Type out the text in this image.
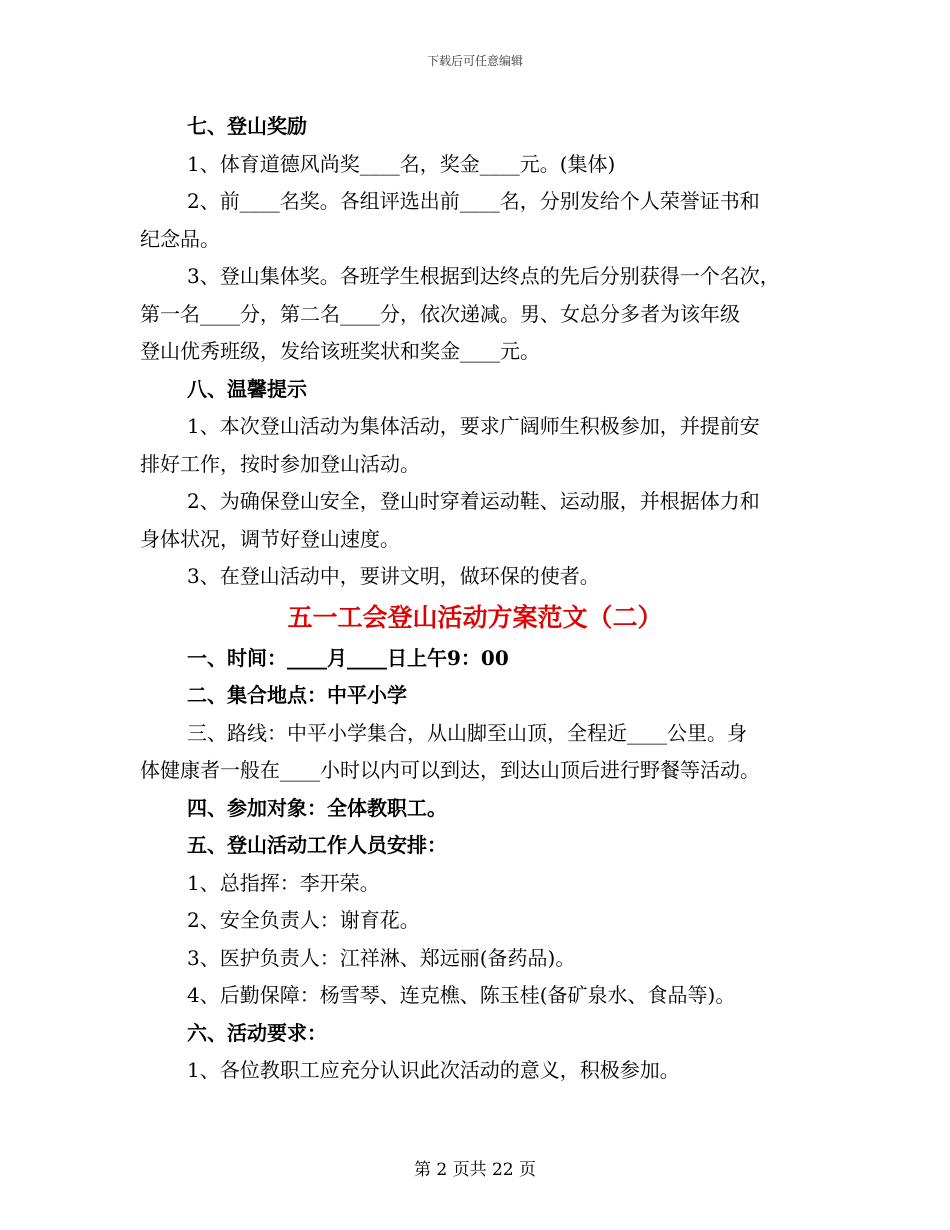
下载后可任意编辑
七、登山奖励
1、体育道德风尚奖____名，奖金____元。(集体)
2、前____名奖。各组评选出前____名，分别发给个人荣誉证书和
纪念品。
3、登山集体奖。各班学生根据到达终点的先后分别获得一个名次，
第一名____分，第二名____分，依次递减。男、女总分多者为该年级
登山优秀班级，发给该班奖状和奖金____元。
八、温馨提示
1、本次登山活动为集体活动，要求广阔师生积极参加，并提前安
排好工作，按时参加登山活动。
2、为确保登山安全，登山时穿着运动鞋、运动服，并根据体力和
身体状况，调节好登山速度。
3、在登山活动中，要讲文明，做环保的使者。
五一工会登山活动方案范文（二）
一、时间：____月____日上午9：00
二、集合地点：中平小学
三、路线：中平小学集合，从山脚至山顶，全程近____公里。身
体健康者一般在____小时以内可以到达，到达山顶后进行野餐等活动。
四、参加对象：全体教职工。
五、登山活动工作人员安排：
1、总指挥：李开荣。
2、安全负责人：谢育花。
3、医护负责人：江祥淋、郑远丽(备药品)。
4、后勤保障：杨雪琴、连克樵、陈玉桂(备矿泉水、食品等)。
六、活动要求：
1、各位教职工应充分认识此次活动的意义，积极参加。
第 2 页共 22 页
